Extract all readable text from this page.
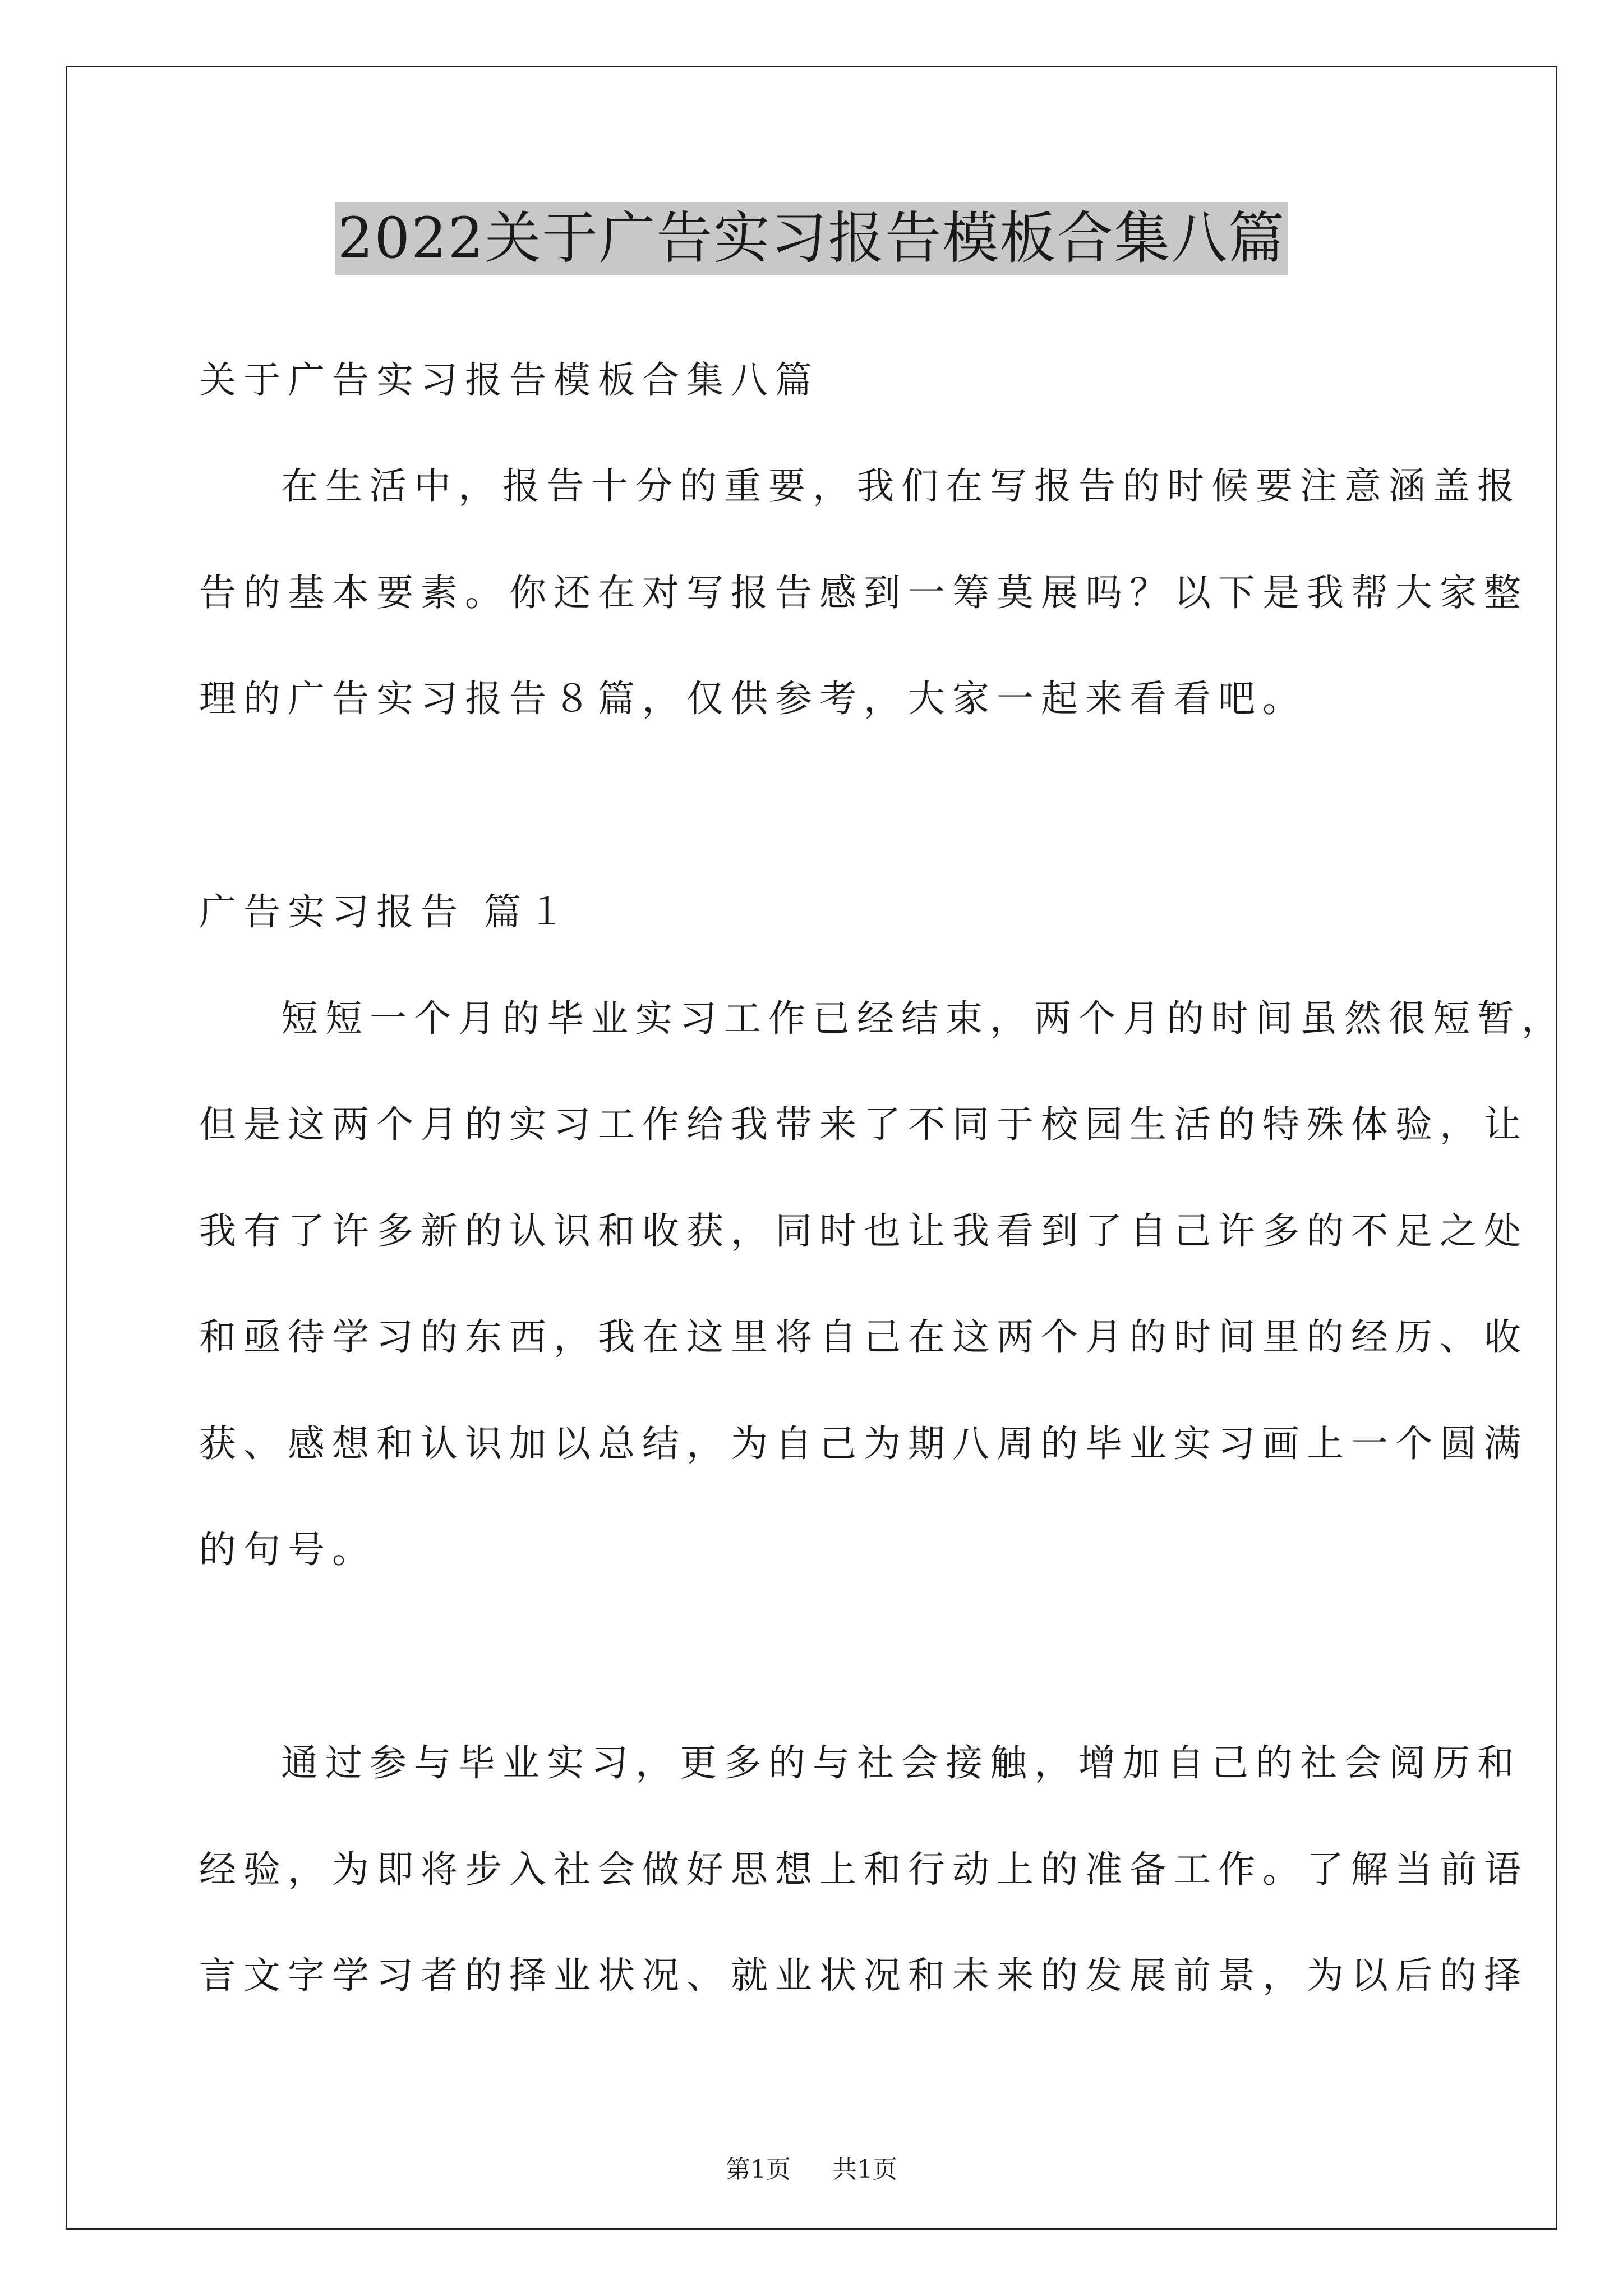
2022关于广告实习报告模板合集八篇
关于广告实习报告模板合集八篇
在生活中，报告十分的重要，我们在写报告的时候要注意涵盖报
告的基本要素。你还在对写报告感到一筹莫展吗？以下是我帮大家整
理的广告实习报告８篇，仅供参考，大家一起来看看吧。
广告实习报告 篇１
短短一个月的毕业实习工作已经结束，两个月的时间虽然很短暂，
但是这两个月的实习工作给我带来了不同于校园生活的特殊体验，让
我有了许多新的认识和收获，同时也让我看到了自己许多的不足之处
和亟待学习的东西，我在这里将自己在这两个月的时间里的经历、收
获、感想和认识加以总结，为自己为期八周的毕业实习画上一个圆满
的句号。
通过参与毕业实习，更多的与社会接触，增加自己的社会阅历和
经验，为即将步入社会做好思想上和行动上的准备工作。了解当前语
言文字学习者的择业状况、就业状况和未来的发展前景，为以后的择
第1页 共1页
